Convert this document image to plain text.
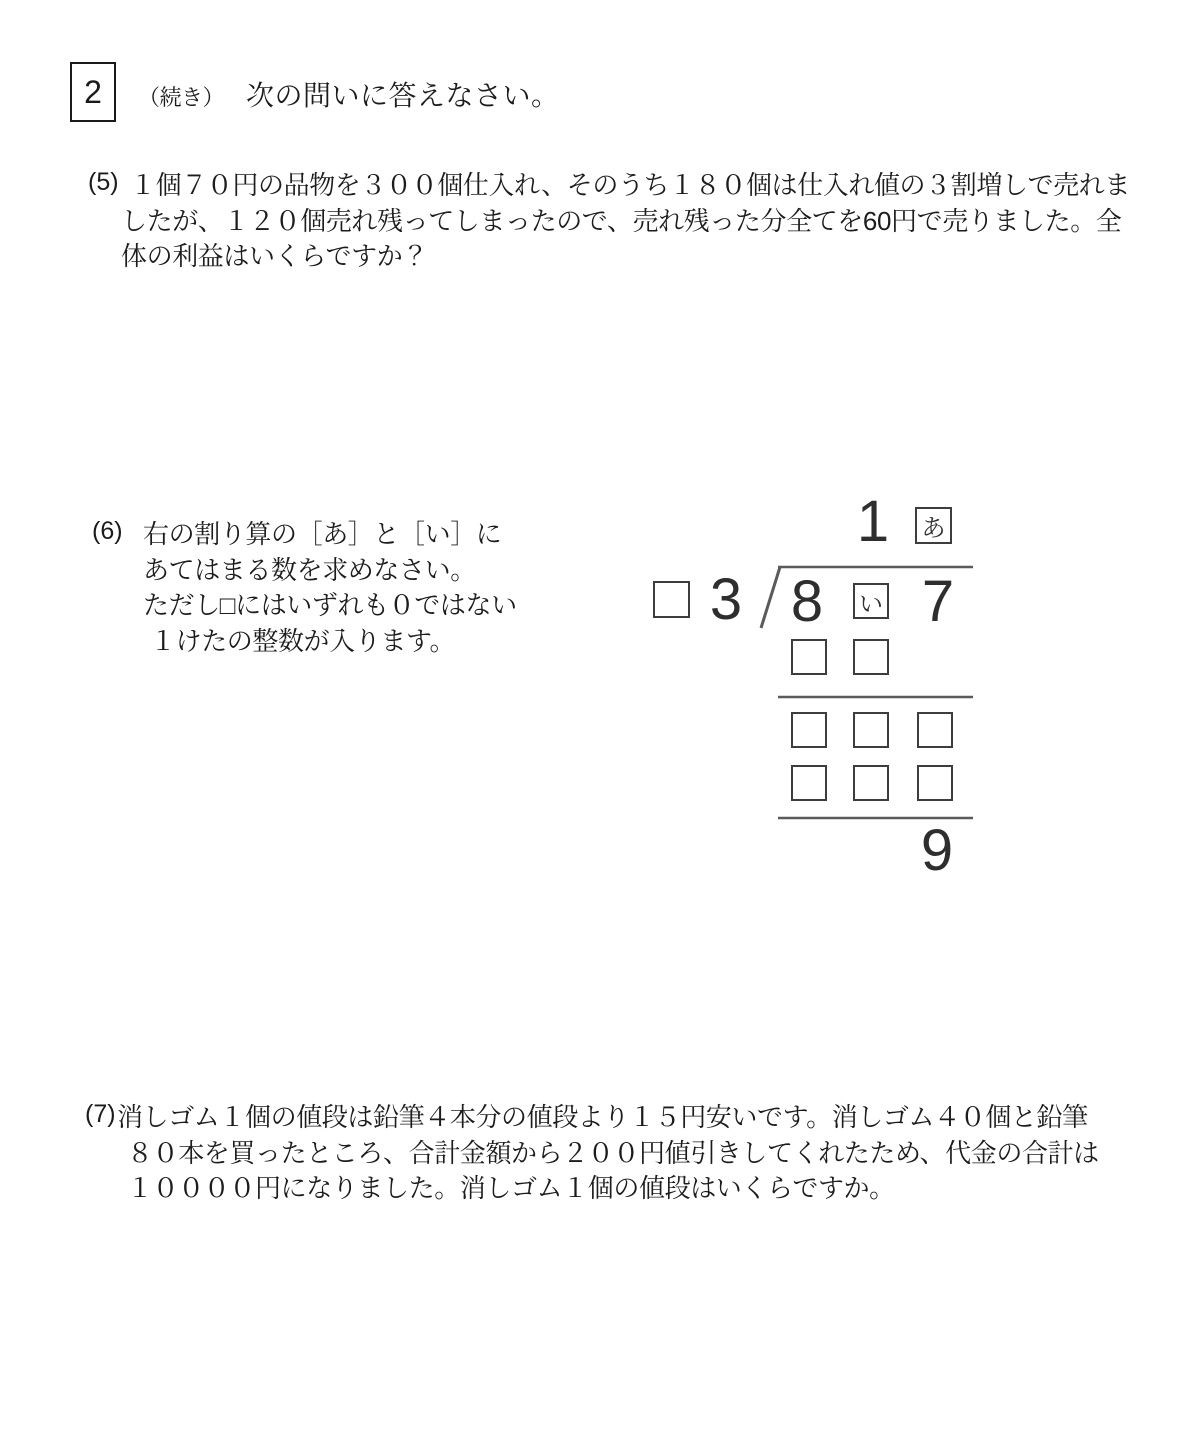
2 （続き） 次の問いに答えなさい。
(5) １個７０円の品物を３００個仕入れ、そのうち１８０個は仕入れ値の３割増しで売れま
したが、１２０個売れ残ってしまったので、売れ残った分全てを60円で売りました。全
体の利益はいくらですか？
(6) 右の割り算の［あ］と［い］に
あてはまる数を求めなさい。
ただし□にはいずれも０ではない
１けたの整数が入ります。
1 あ
3 8 い 7
9
(7) 消しゴム１個の値段は鉛筆４本分の値段より１５円安いです。消しゴム４０個と鉛筆
８０本を買ったところ、合計金額から２００円値引きしてくれたため、代金の合計は
１００００円になりました。消しゴム１個の値段はいくらですか。
